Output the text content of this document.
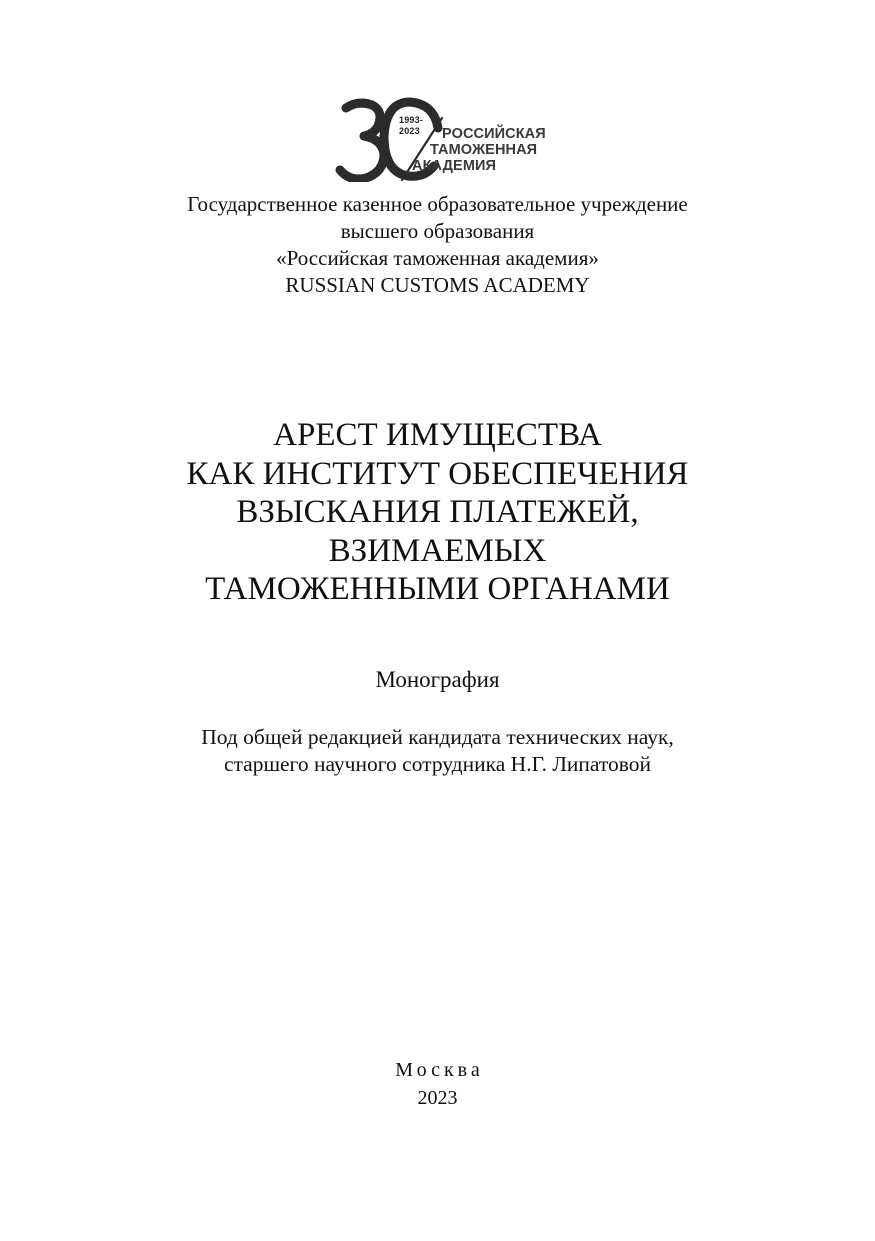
1993-
2023 РОССИЙСКАЯ
ТАМОЖЕННАЯ
АКАДЕМИЯ
Государственное казенное образовательное учреждение
высшего образования
«Российская таможенная академия»
RUSSIAN CUSTOMS ACADEMY
АРЕСТ ИМУЩЕСТВА
КАК ИНСТИТУТ ОБЕСПЕЧЕНИЯ
ВЗЫСКАНИЯ ПЛАТЕЖЕЙ,
ВЗИМАЕМЫХ
ТАМОЖЕННЫМИ ОРГАНАМИ
Монография
Под общей редакцией кандидата технических наук,
старшего научного сотрудника Н.Г. Липатовой
Москва
2023
